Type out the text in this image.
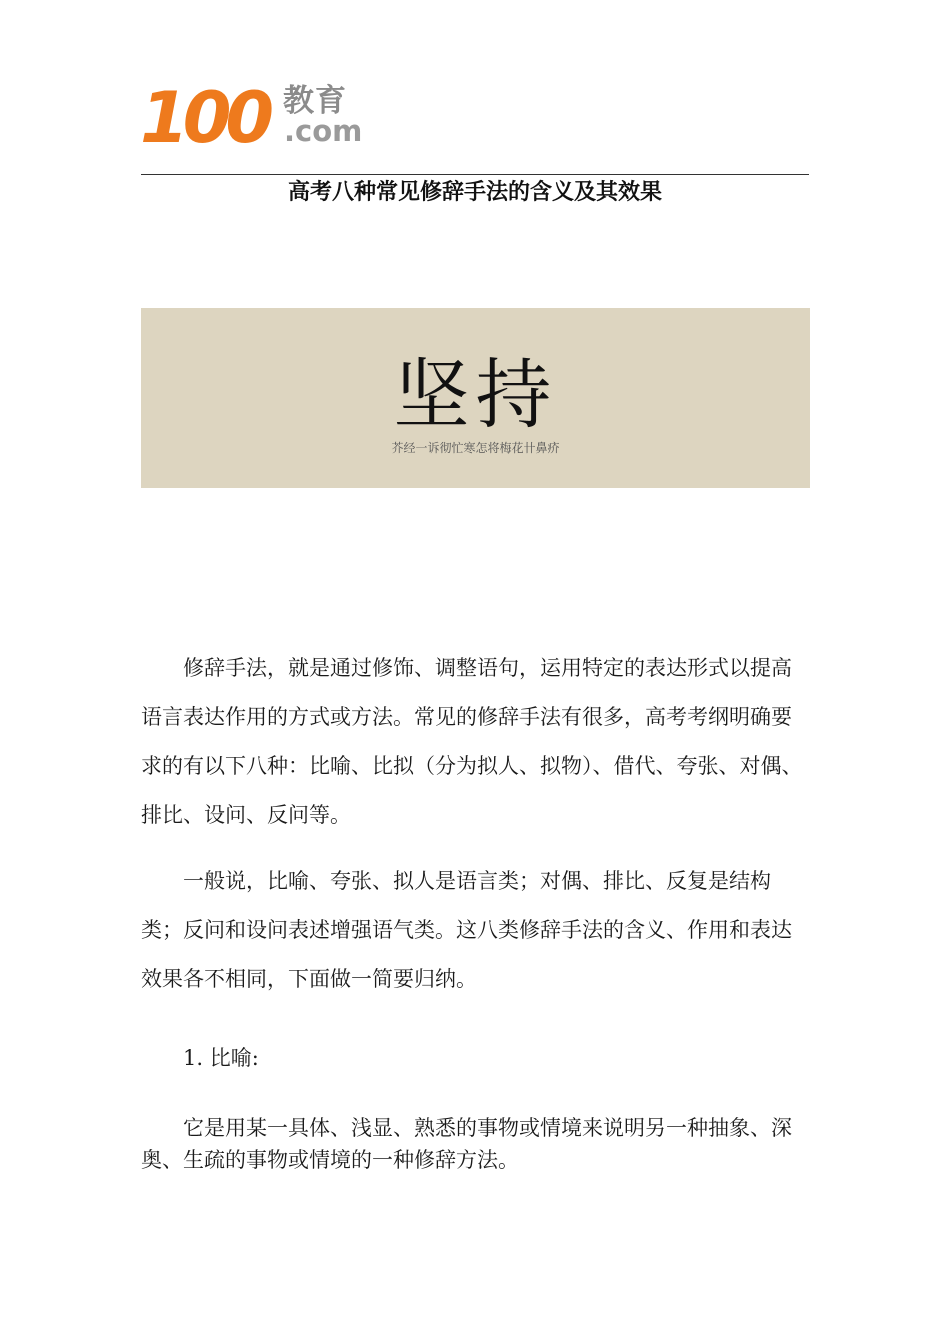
100 教育
.com
高考八种常见修辞手法的含义及其效果
坚持
芥经一诉彻忙寒怎将梅花卄鼻疥

修辞手法，就是通过修饰、调整语句，运用特定的表达形式以提高语言表达作用的方式或方法。常见的修辞手法有很多，高考考纲明确要求的有以下八种：比喻、比拟（分为拟人、拟物）、借代、夸张、对偶、排比、设问、反问等。

一般说，比喻、夸张、拟人是语言类；对偶、排比、反复是结构类；反问和设问表述增强语气类。这八类修辞手法的含义、作用和表达效果各不相同，下面做一简要归纳。

1. 比喻:

它是用某一具体、浅显、熟悉的事物或情境来说明另一种抽象、深奥、生疏的事物或情境的一种修辞方法。
